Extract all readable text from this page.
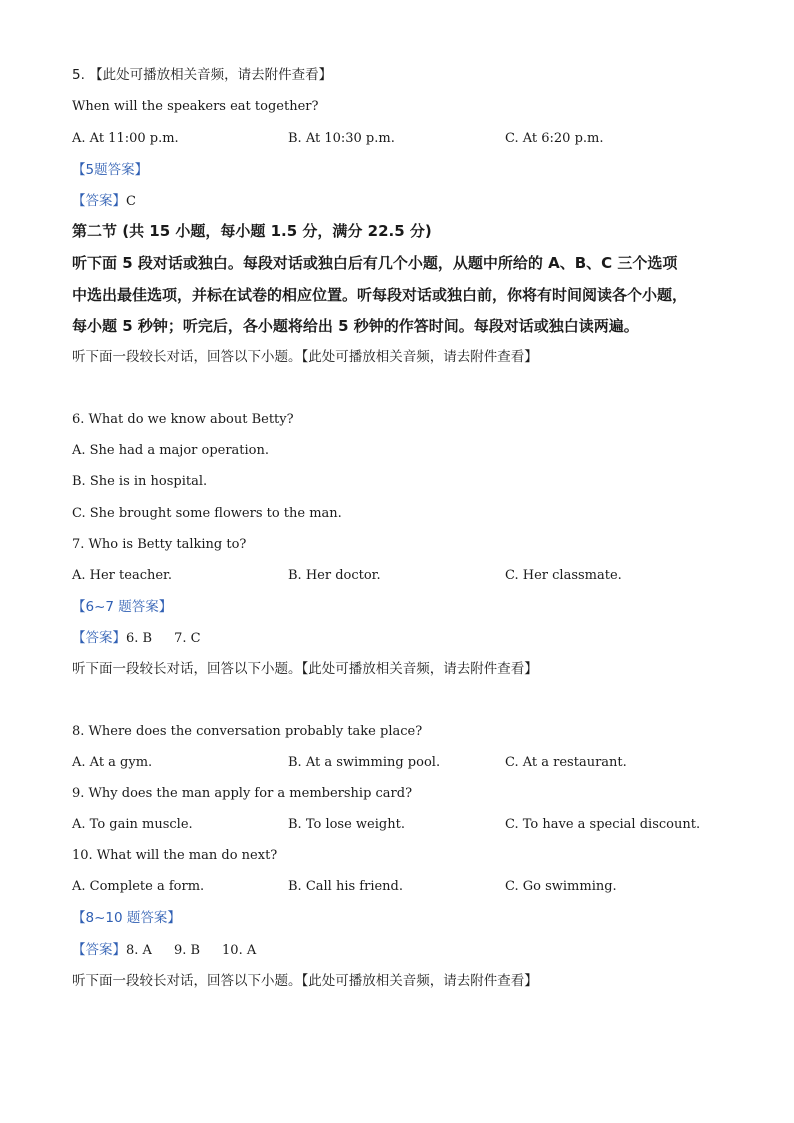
5. 【此处可播放相关音频，请去附件查看】
When will the speakers eat together?
A. At 11:00 p.m.	B. At 10:30 p.m.	C. At 6:20 p.m.
【5题答案】
【答案】C
第二节 (共 15 小题，每小题 1.5 分，满分 22.5 分)
听下面 5 段对话或独白。每段对话或独白后有几个小题，从题中所给的 A、B、C 三个选项
中选出最佳选项，并标在试卷的相应位置。听每段对话或独白前，你将有时间阅读各个小题，
每小题 5 秒钟；听完后，各小题将给出 5 秒钟的作答时间。每段对话或独白读两遍。
听下面一段较长对话，回答以下小题。【此处可播放相关音频，请去附件查看】
6. What do we know about Betty?
A. She had a major operation.
B. She is in hospital.
C. She brought some flowers to the man.
7. Who is Betty talking to?
A. Her teacher.	B. Her doctor.	C. Her classmate.
【6~7 题答案】
【答案】6. B 7. C
听下面一段较长对话，回答以下小题。【此处可播放相关音频，请去附件查看】
8. Where does the conversation probably take place?
A. At a gym.	B. At a swimming pool.	C. At a restaurant.
9. Why does the man apply for a membership card?
A. To gain muscle.	B. To lose weight.	C. To have a special discount.
10. What will the man do next?
A. Complete a form.	B. Call his friend.	C. Go swimming.
【8~10 题答案】
【答案】8. A 9. B 10. A
听下面一段较长对话，回答以下小题。【此处可播放相关音频，请去附件查看】
